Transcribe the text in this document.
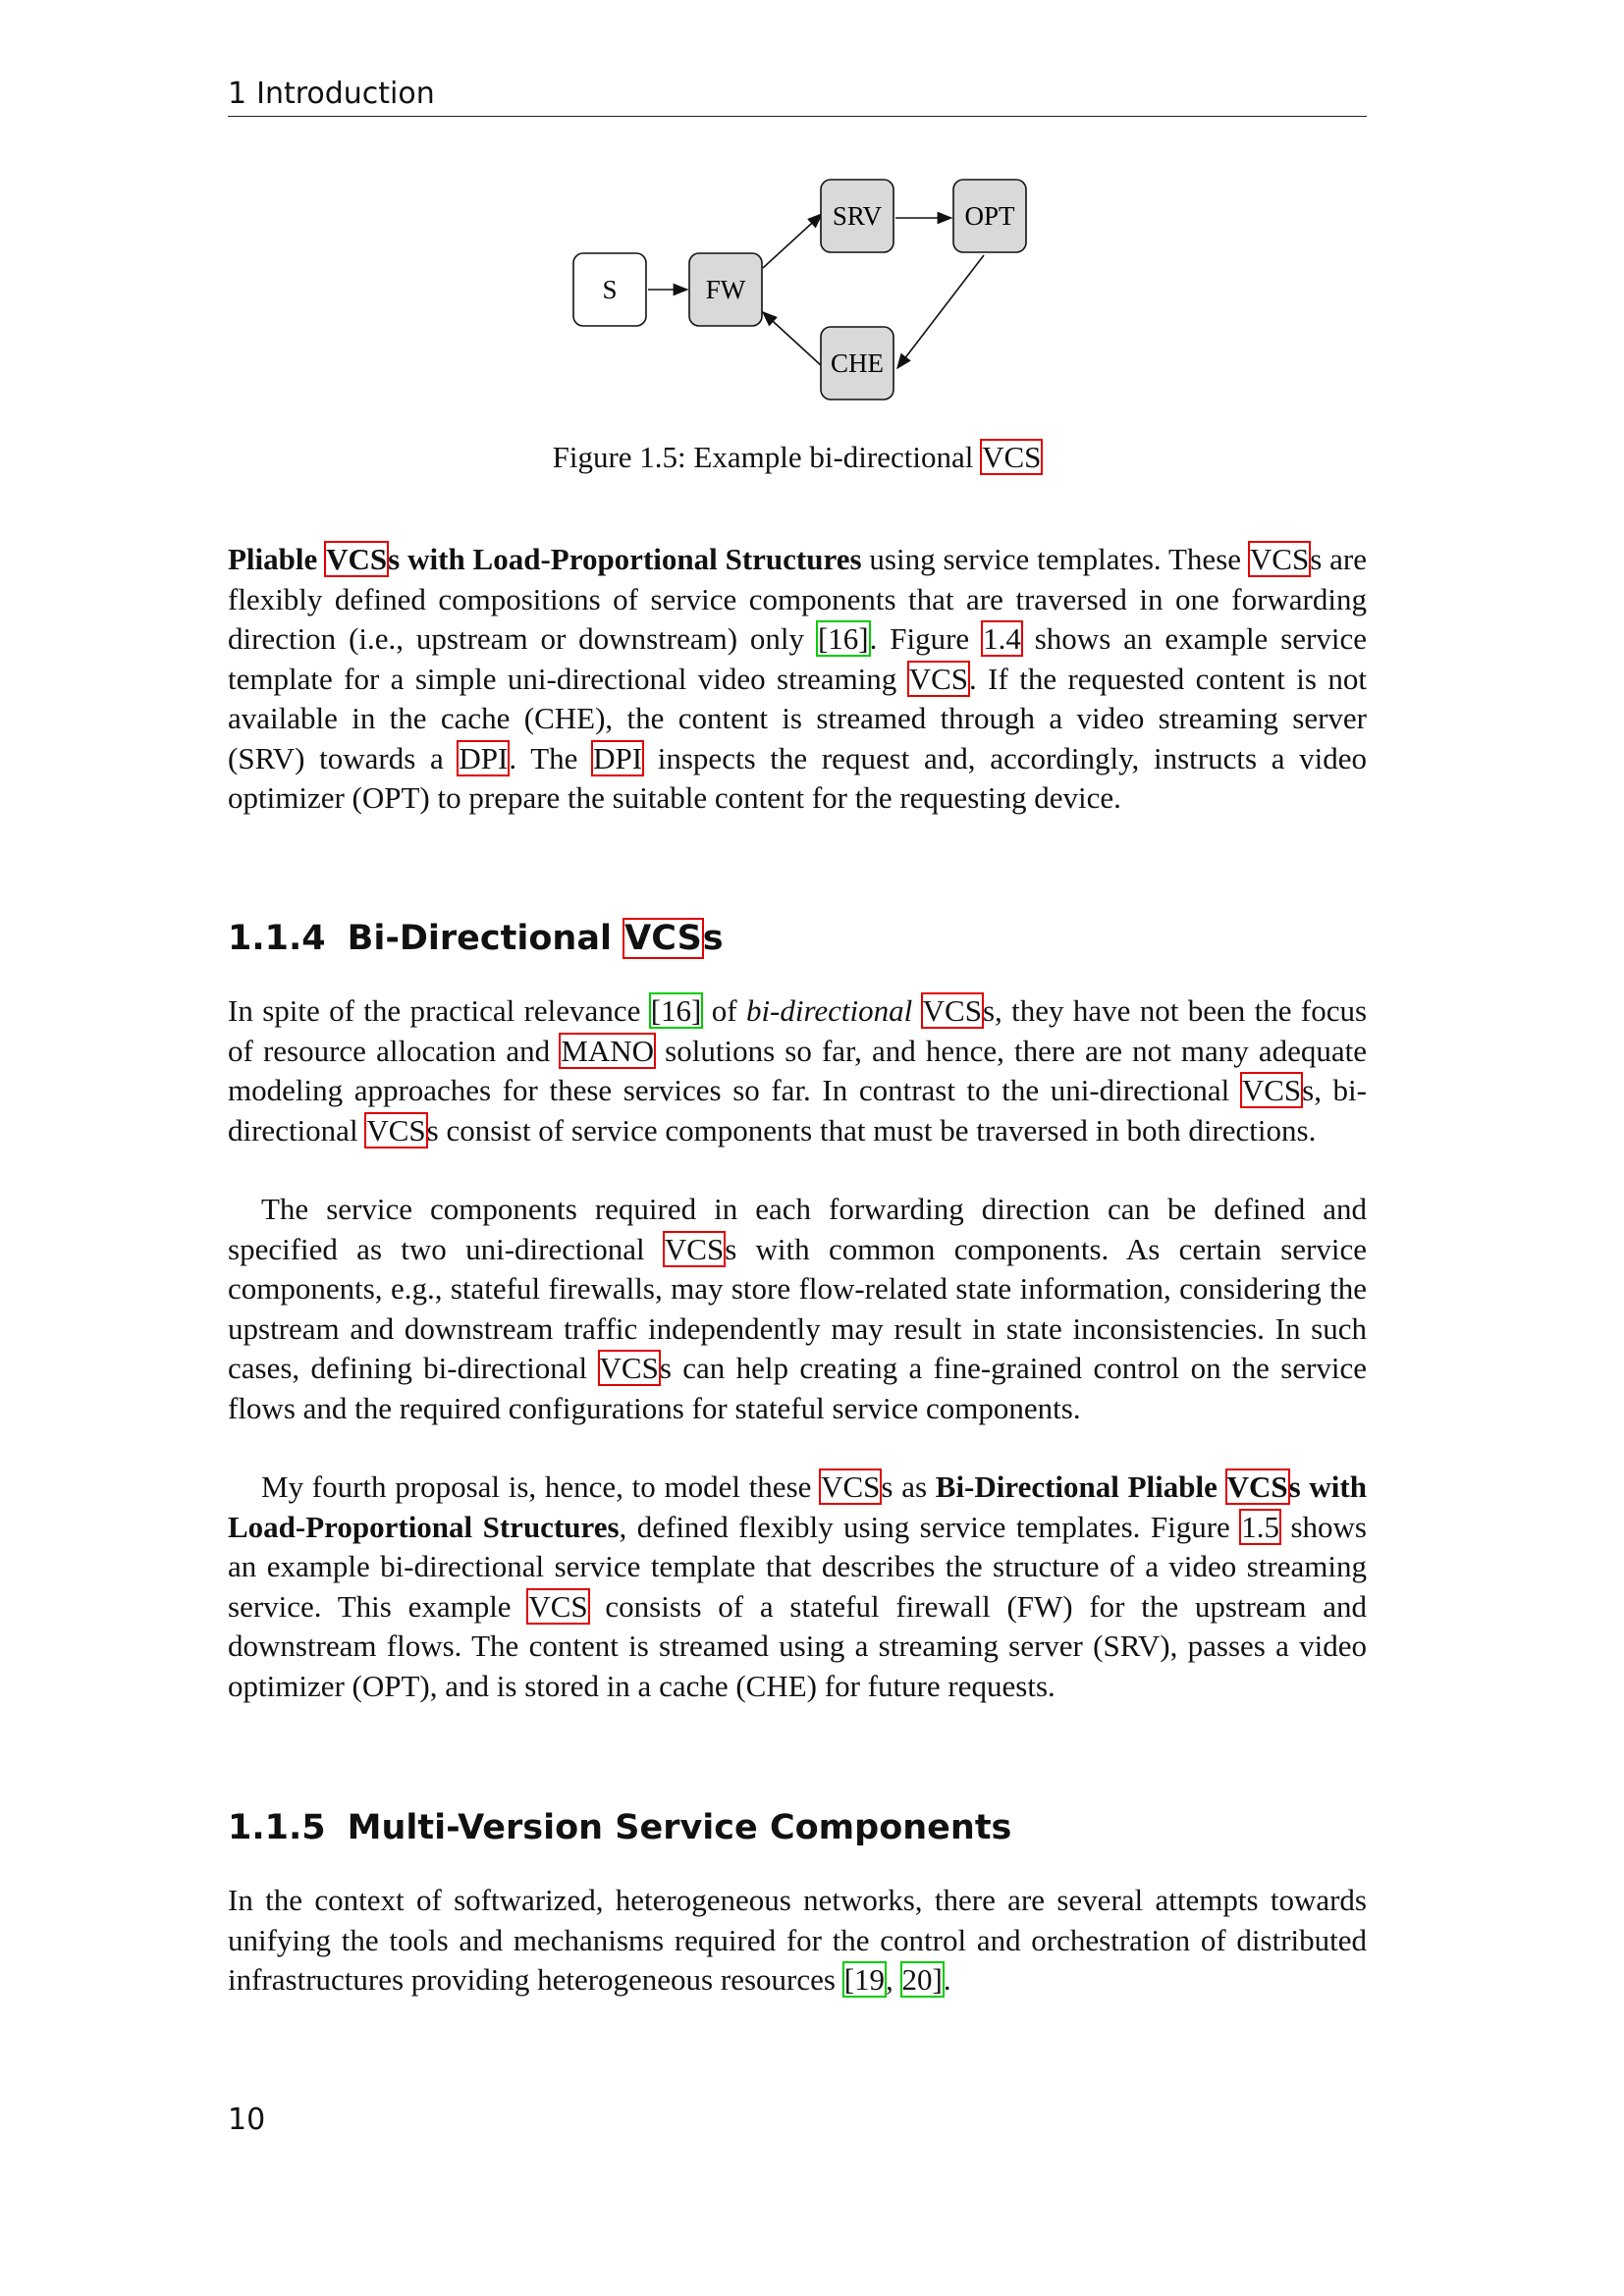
1 Introduction
S	FW
SRV	OPT
CHE
Figure 1.5: Example bi-directional VCS

Pliable VCSs with Load-Proportional Structures using service templates. These VCSs are flexibly defined compositions of service components that are traversed in one forwarding direction (i.e., upstream or downstream) only [16]. Figure 1.4 shows an example service template for a simple uni-directional video streaming VCS. If the requested content is not available in the cache (CHE), the content is streamed through a video streaming server (SRV) towards a DPI. The DPI inspects the request and, accordingly, instructs a video optimizer (OPT) to prepare the suitable content for the requesting device.

1.1.4 Bi-Directional VCSs

In spite of the practical relevance [16] of bi-directional VCSs, they have not been the focus of resource allocation and MANO solutions so far, and hence, there are not many adequate modeling approaches for these services so far. In contrast to the uni-directional VCSs, bi-directional VCSs consist of service components that must be traversed in both directions.

The service components required in each forwarding direction can be defined and specified as two uni-directional VCSs with common components. As certain service components, e.g., stateful firewalls, may store flow-related state information, considering the upstream and downstream traffic independently may result in state inconsistencies. In such cases, defining bi-directional VCSs can help creating a fine-grained control on the service flows and the required configurations for stateful service components.

My fourth proposal is, hence, to model these VCSs as Bi-Directional Pliable VCSs with Load-Proportional Structures, defined flexibly using service templates. Figure 1.5 shows an example bi-directional service template that describes the structure of a video streaming service. This example VCS consists of a stateful firewall (FW) for the upstream and downstream flows. The content is streamed using a streaming server (SRV), passes a video optimizer (OPT), and is stored in a cache (CHE) for future requests.

1.1.5 Multi-Version Service Components

In the context of softwarized, heterogeneous networks, there are several attempts towards unifying the tools and mechanisms required for the control and orchestration of distributed infrastructures providing heterogeneous resources [19, 20].

10
